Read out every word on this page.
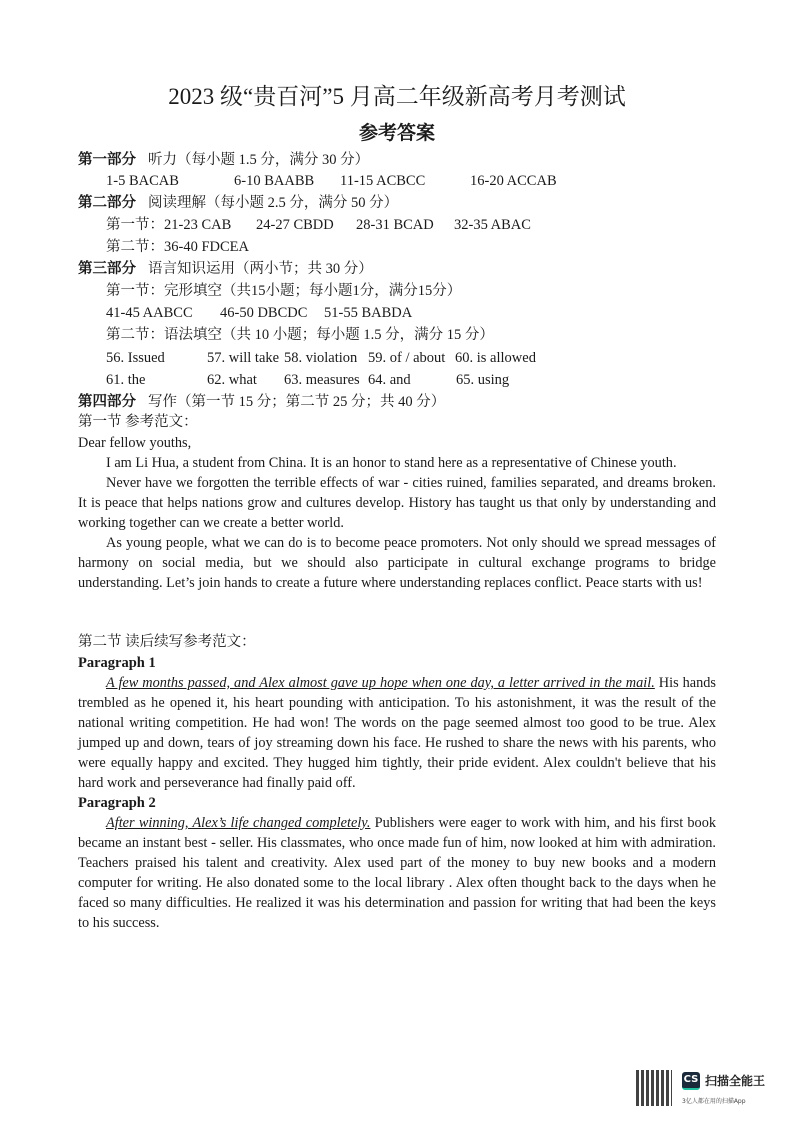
2023 级“贵百河”5 月高二年级新高考月考测试
参考答案
第一部分 听力（每小题 1.5 分，满分 30 分）
1-5 BACAB	6-10 BAABB 11-15 ACBCC	16-20 ACCAB
第二部分 阅读理解（每小题 2.5 分，满分 50 分）
第一节：21-23 CAB 24-27 CBDD 28-31 BCAD 32-35 ABAC
第二节：36-40 FDCEA
第三部分 语言知识运用（两小节；共 30 分）
第一节：完形填空（共15小题；每小题1分，满分15分）
41-45 AABCC 46-50 DBCDC 51-55 BABDA
第二节：语法填空（共 10 小题；每小题 1.5 分，满分 15 分）
56. Issued	57. will take 58. violation 59. of / about 60. is allowed
61. the	62. what 63. measures 64. and	65. using
第四部分 写作（第一节 15 分；第二节 25 分；共 40 分）
第一节 参考范文：
Dear fellow youths,

I am Li Hua, a student from China. It is an honor to stand here as a representative of Chinese youth.

Never have we forgotten the terrible effects of war - cities ruined, families separated, and dreams broken. It is peace that helps nations grow and cultures develop. History has taught us that only by understanding and working together can we create a better world.

As young people, what we can do is to become peace promoters. Not only should we spread messages of harmony on social media, but we should also participate in cultural exchange programs to bridge understanding. Let’s join hands to create a future where understanding replaces conflict. Peace starts with us!

第二节 读后续写参考范文：
Paragraph 1

A few months passed, and Alex almost gave up hope when one day, a letter arrived in the mail. His hands trembled as he opened it, his heart pounding with anticipation. To his astonishment, it was the result of the national writing competition. He had won! The words on the page seemed almost too good to be true. Alex jumped up and down, tears of joy streaming down his face. He rushed to share the news with his parents, who were equally happy and excited. They hugged him tightly, their pride evident. Alex couldn't believe that his hard work and perseverance had finally paid off.

Paragraph 2

After winning, Alex’s life changed completely. Publishers were eager to work with him, and his first book became an instant best - seller. His classmates, who once made fun of him, now looked at him with admiration. Teachers praised his talent and creativity. Alex used part of the money to buy new books and a modern computer for writing. He also donated some to the local library . Alex often thought back to the days when he faced so many difficulties. He realized it was his determination and passion for writing that had been the keys to his success.

CS 扫描全能王
3亿人都在用的扫描App
